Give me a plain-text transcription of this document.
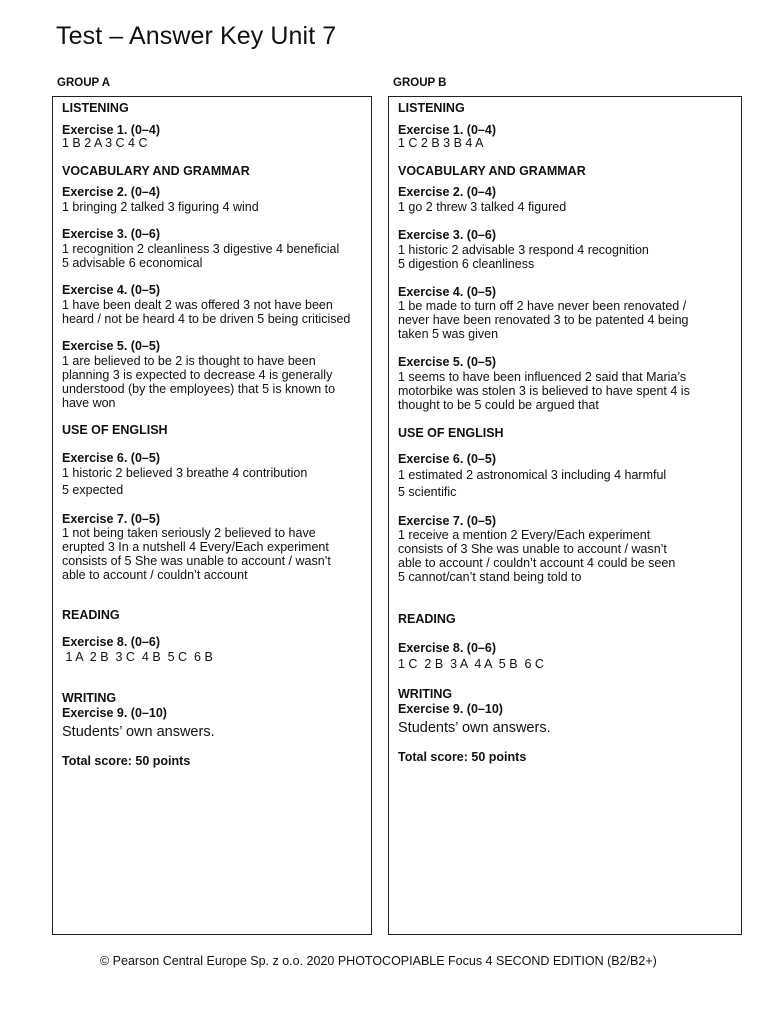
Test – Answer Key Unit 7
GROUP A	GROUP B
LISTENING
Exercise 1. (0–4)
1 B 2 A 3 C 4 C
VOCABULARY AND GRAMMAR
Exercise 2. (0–4)
1 bringing 2 talked 3 figuring 4 wind
Exercise 3. (0–6)
1 recognition 2 cleanliness 3 digestive 4 beneficial
5 advisable 6 economical
Exercise 4. (0–5)
1 have been dealt 2 was offered 3 not have been
heard / not be heard 4 to be driven 5 being criticised
Exercise 5. (0–5)
1 are believed to be 2 is thought to have been
planning 3 is expected to decrease 4 is generally
understood (by the employees) that 5 is known to
have won
USE OF ENGLISH
Exercise 6. (0–5)
1 historic 2 believed 3 breathe 4 contribution
5 expected
Exercise 7. (0–5)
1 not being taken seriously 2 believed to have
erupted 3 In a nutshell 4 Every/Each experiment
consists of 5 She was unable to account / wasn’t
able to account / couldn’t account
READING
Exercise 8. (0–6)
1 A  2 B  3 C  4 B  5 C  6 B
WRITING
Exercise 9. (0–10)
Students’ own answers.
Total score: 50 points
LISTENING
Exercise 1. (0–4)
1 C 2 B 3 B 4 A
VOCABULARY AND GRAMMAR
Exercise 2. (0–4)
1 go 2 threw 3 talked 4 figured
Exercise 3. (0–6)
1 historic 2 advisable 3 respond 4 recognition
5 digestion 6 cleanliness
Exercise 4. (0–5)
1 be made to turn off 2 have never been renovated /
never have been renovated 3 to be patented 4 being
taken 5 was given
Exercise 5. (0–5)
1 seems to have been influenced 2 said that Maria’s
motorbike was stolen 3 is believed to have spent 4 is
thought to be 5 could be argued that
USE OF ENGLISH
Exercise 6. (0–5)
1 estimated 2 astronomical 3 including 4 harmful
5 scientific
Exercise 7. (0–5)
1 receive a mention 2 Every/Each experiment
consists of 3 She was unable to account / wasn’t
able to account / couldn’t account 4 could be seen
5 cannot/can’t stand being told to
READING
Exercise 8. (0–6)
1 C  2 B  3 A  4 A  5 B  6 C
WRITING
Exercise 9. (0–10)
Students’ own answers.
Total score: 50 points
© Pearson Central Europe Sp. z o.o. 2020 PHOTOCOPIABLE Focus 4 SECOND EDITION (B2/B2+)
